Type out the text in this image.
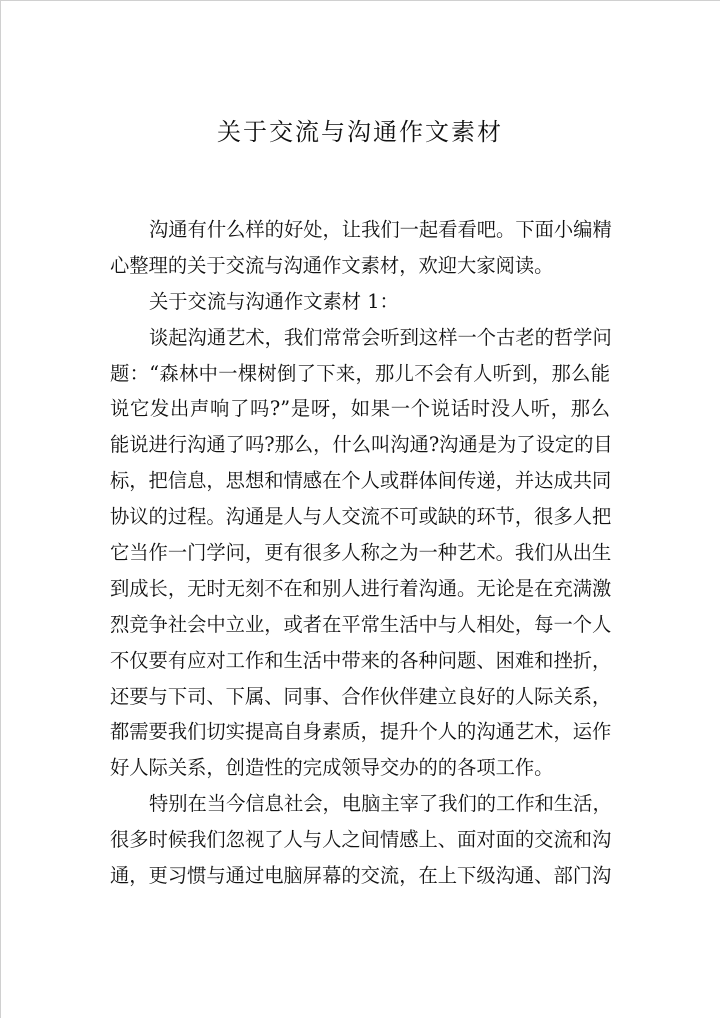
关于交流与沟通作文素材
沟通有什么样的好处，让我们一起看看吧。下面小编精
心整理的关于交流与沟通作文素材，欢迎大家阅读。
关于交流与沟通作文素材 1：
谈起沟通艺术，我们常常会听到这样一个古老的哲学问
题：“森林中一棵树倒了下来，那儿不会有人听到，那么能
说它发出声响了吗?”是呀，如果一个说话时没人听，那么
能说进行沟通了吗?那么，什么叫沟通?沟通是为了设定的目
标，把信息，思想和情感在个人或群体间传递，并达成共同
协议的过程。沟通是人与人交流不可或缺的环节，很多人把
它当作一门学问，更有很多人称之为一种艺术。我们从出生
到成长，无时无刻不在和别人进行着沟通。无论是在充满激
烈竞争社会中立业，或者在平常生活中与人相处，每一个人
不仅要有应对工作和生活中带来的各种问题、困难和挫折，
还要与下司、下属、同事、合作伙伴建立良好的人际关系，
都需要我们切实提高自身素质，提升个人的沟通艺术，运作
好人际关系，创造性的完成领导交办的的各项工作。
特别在当今信息社会，电脑主宰了我们的工作和生活，
很多时候我们忽视了人与人之间情感上、面对面的交流和沟
通，更习惯与通过电脑屏幕的交流，在上下级沟通、部门沟
